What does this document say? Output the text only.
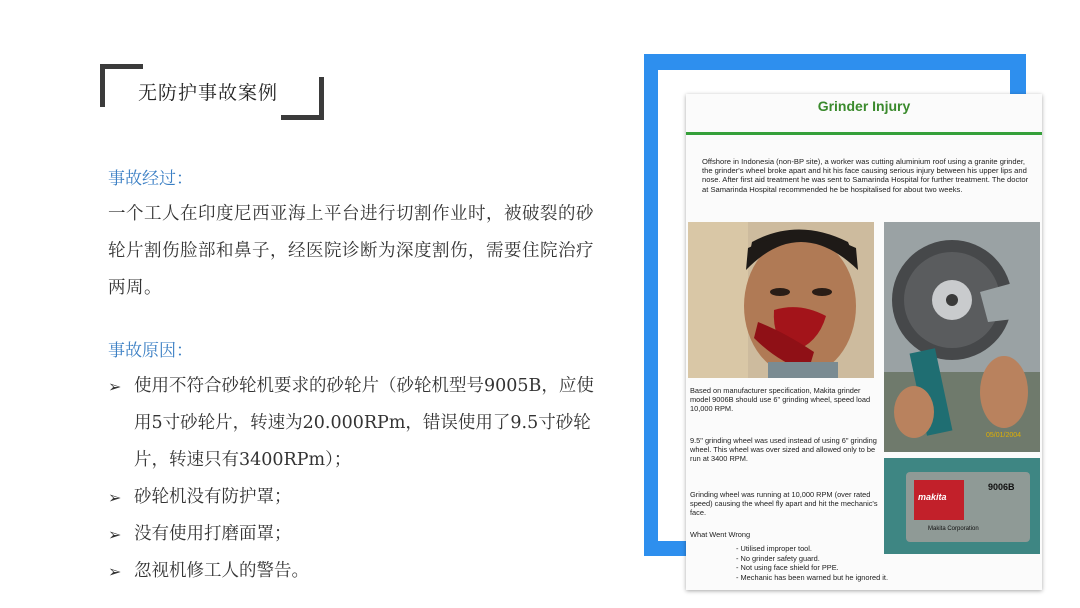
无防护事故案例
事故经过：
一个工人在印度尼西亚海上平台进行切割作业时，被破裂的砂轮片割伤脸部和鼻子，经医院诊断为深度割伤，需要住院治疗两周。
事故原因：
➢ 使用不符合砂轮机要求的砂轮片（砂轮机型号9005B，应使用5寸砂轮片，转速为20.000RPm，错误使用了9.5寸砂轮片，转速只有3400RPm）；
➢ 砂轮机没有防护罩；
➢ 没有使用打磨面罩；
➢ 忽视机修工人的警告。
Grinder Injury
Offshore in Indonesia (non-BP site), a worker was cutting aluminium roof using a granite grinder, the grinder's wheel broke apart and hit his face causing serious injury between his upper lips and nose. After first aid treatment he was sent to Samarinda Hospital for further treatment. The doctor at Samarinda Hospital recommended he be hospitalised for about two weeks.
05/01/2004
makita
9006B
Makita Corporation
Based on manufacturer specification, Makita grinder model 9006B should use 6" grinding wheel, speed load 10,000 RPM.
9.5" grinding wheel was used instead of using 6" grinding wheel. This wheel was over sized and allowed only to be run at 3400 RPM.
Grinding wheel was running at 10,000 RPM (over rated speed) causing the wheel fly apart and hit the mechanic's face.
What Went Wrong
- Utilised improper tool.
- No grinder safety guard.
- Not using face shield for PPE.
- Mechanic has been warned but he ignored it.
